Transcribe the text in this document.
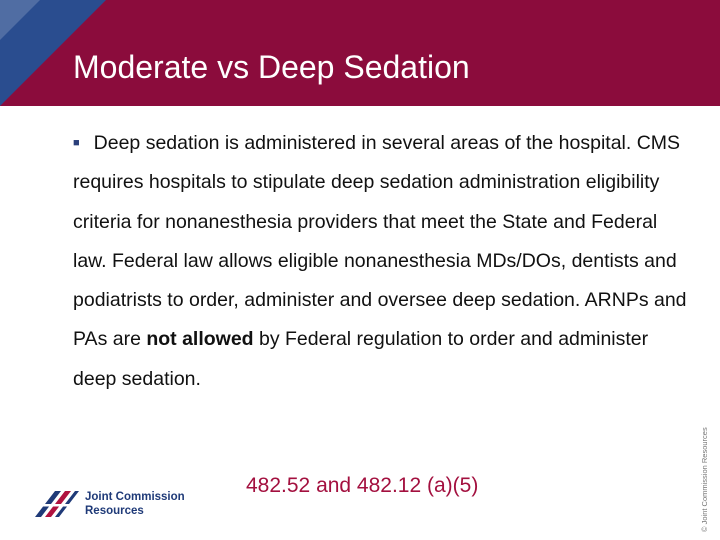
Moderate vs Deep Sedation
■ Deep sedation is administered in several areas of the hospital. CMS requires hospitals to stipulate deep sedation administration eligibility criteria for nonanesthesia providers that meet the State and Federal law. Federal law allows eligible nonanesthesia MDs/DOs, dentists and podiatrists to order, administer and oversee deep sedation. ARNPs and PAs are not allowed by Federal regulation to order and administer deep sedation.
482.52 and 482.12 (a)(5)	© Joint Commission Resources
Joint Commission
Resources
